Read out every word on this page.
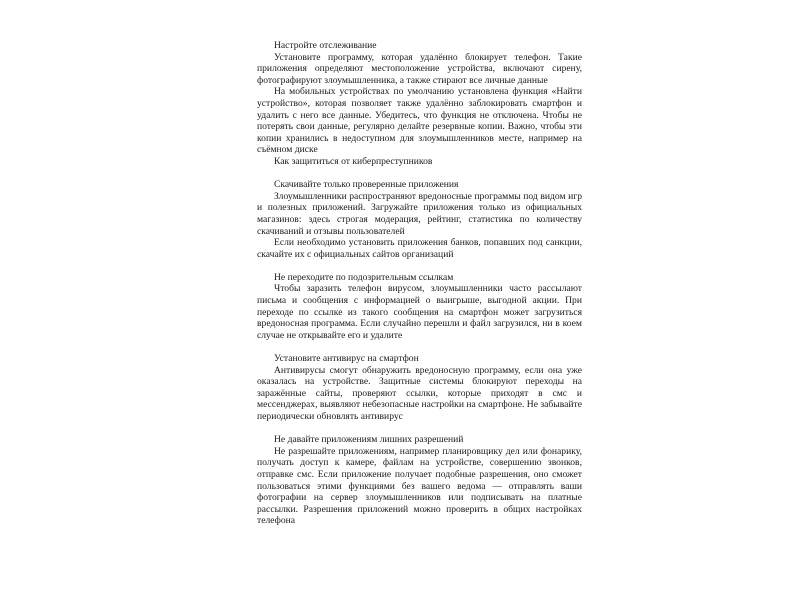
Настройте отслеживание

Установите программу, которая удалённо блокирует телефон. Такие приложения определяют местоположение устройства, включают сирену, фотографируют злоумышленника, а также стирают все личные данные

На мобильных устройствах по умолчанию установлена функция «Найти устройство», которая позволяет также удалённо заблокировать смартфон и удалить с него все данные. Убедитесь, что функция не отключена. Чтобы не потерять свои данные, регулярно делайте резервные копии. Важно, чтобы эти копии хранились в недоступном для злоумышленников месте, например на съёмном диске

Как защититься от киберпреступников

Скачивайте только проверенные приложения

Злоумышленники распространяют вредоносные программы под видом игр и полезных приложений. Загружайте приложения только из официальных магазинов: здесь строгая модерация, рейтинг, статистика по количеству скачиваний и отзывы пользователей

Если необходимо установить приложения банков, попавших под санкции, скачайте их с официальных сайтов организаций

Не переходите по подозрительным ссылкам

Чтобы заразить телефон вирусом, злоумышленники часто рассылают письма и сообщения с информацией о выигрыше, выгодной акции. При переходе по ссылке из такого сообщения на смартфон может загрузиться вредоносная программа. Если случайно перешли и файл загрузился, ни в коем случае не открывайте его и удалите

Установите антивирус на смартфон

Антивирусы смогут обнаружить вредоносную программу, если она уже оказалась на устройстве. Защитные системы блокируют переходы на заражённые сайты, проверяют ссылки, которые приходят в смс и мессенджерах, выявляют небезопасные настройки на смартфоне. Не забывайте периодически обновлять антивирус

Не давайте приложениям лишних разрешений

Не разрешайте приложениям, например планировщику дел или фонарику, получать доступ к камере, файлам на устройстве, совершению звонков, отправке смс. Если приложение получает подобные разрешения, оно сможет пользоваться этими функциями без вашего ведома — отправлять ваши фотографии на сервер злоумышленников или подписывать на платные рассылки. Разрешения приложений можно проверить в общих настройках телефона
